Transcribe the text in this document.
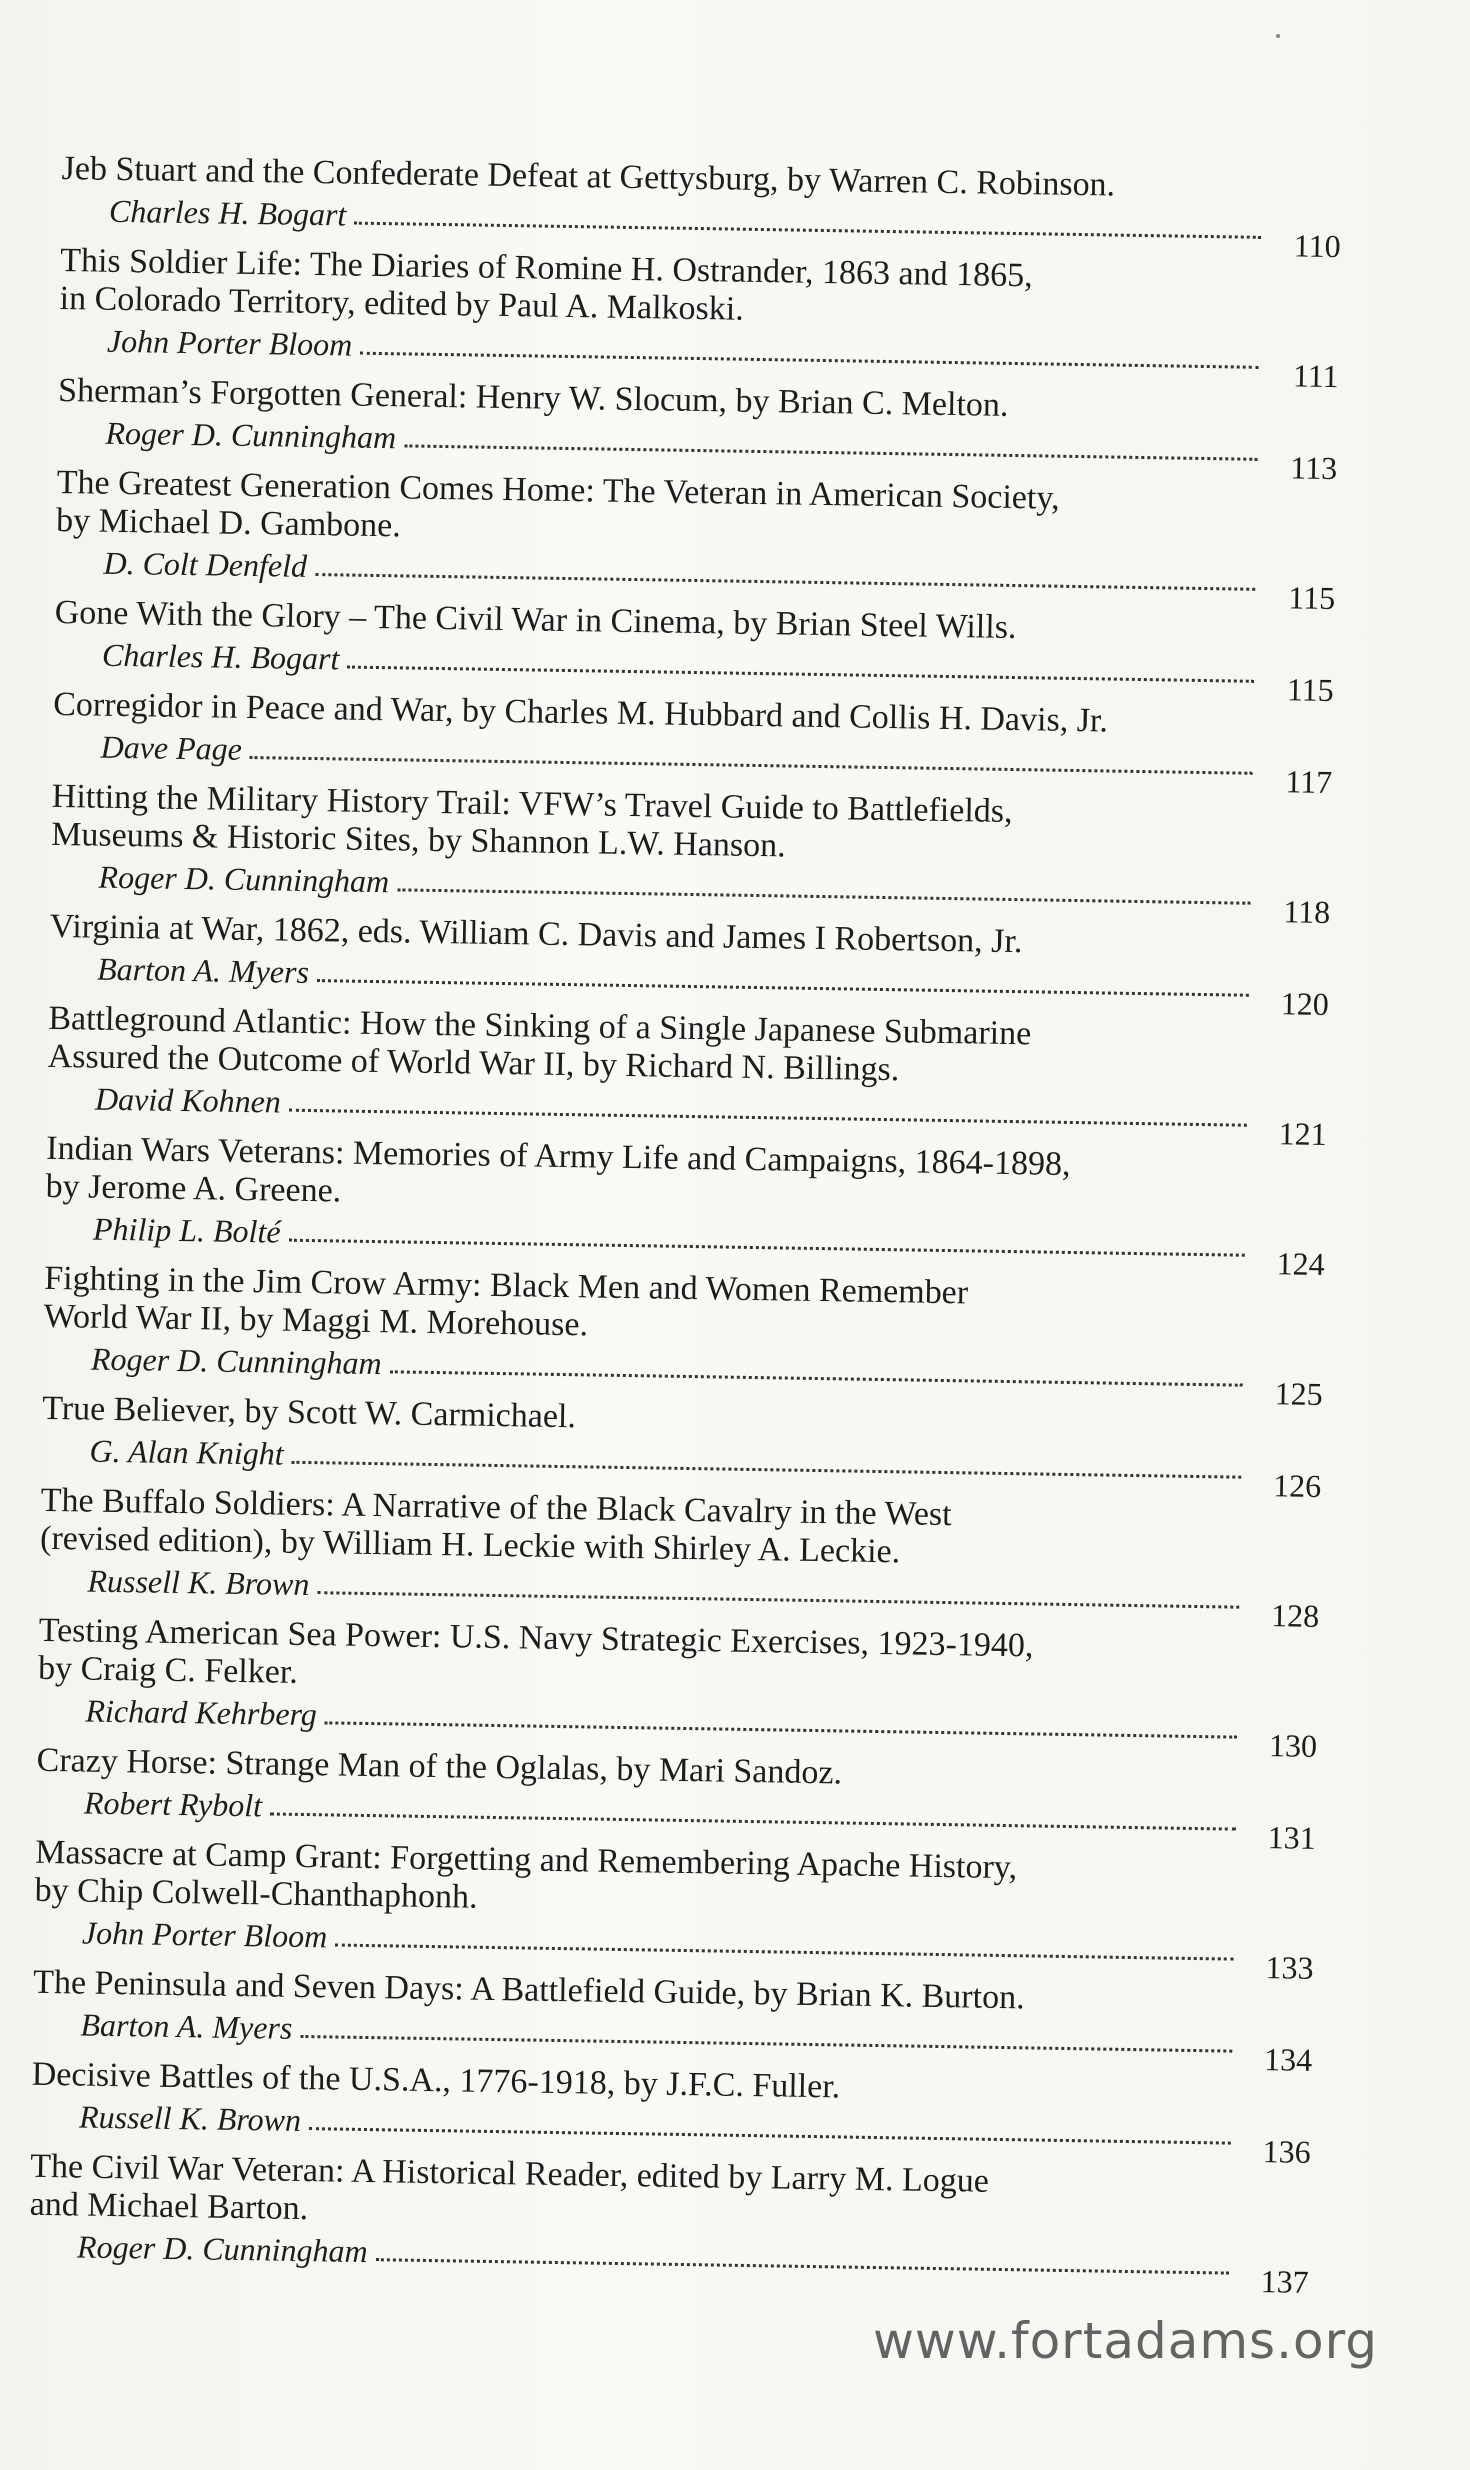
Jeb Stuart and the Confederate Defeat at Gettysburg, by Warren C. Robinson.

Charles H. Bogart
110

This Soldier Life: The Diaries of Romine H. Ostrander, 1863 and 1865,
in Colorado Territory, edited by Paul A. Malkoski.

John Porter Bloom
111

Sherman’s Forgotten General: Henry W. Slocum, by Brian C. Melton.

Roger D. Cunningham
113

The Greatest Generation Comes Home: The Veteran in American Society,
by Michael D. Gambone.

D. Colt Denfeld
115

Gone With the Glory – The Civil War in Cinema, by Brian Steel Wills.

Charles H. Bogart
115

Corregidor in Peace and War, by Charles M. Hubbard and Collis H. Davis, Jr.

Dave Page
117

Hitting the Military History Trail: VFW’s Travel Guide to Battlefields,
Museums & Historic Sites, by Shannon L.W. Hanson.

Roger D. Cunningham
118

Virginia at War, 1862, eds. William C. Davis and James I Robertson, Jr.

Barton A. Myers
120

Battleground Atlantic: How the Sinking of a Single Japanese Submarine
Assured the Outcome of World War II, by Richard N. Billings.

David Kohnen
121

Indian Wars Veterans: Memories of Army Life and Campaigns, 1864-1898,
by Jerome A. Greene.

Philip L. Bolté
124

Fighting in the Jim Crow Army: Black Men and Women Remember
World War II, by Maggi M. Morehouse.

Roger D. Cunningham
125

True Believer, by Scott W. Carmichael.

G. Alan Knight
126

The Buffalo Soldiers: A Narrative of the Black Cavalry in the West
(revised edition), by William H. Leckie with Shirley A. Leckie.

Russell K. Brown
128

Testing American Sea Power: U.S. Navy Strategic Exercises, 1923-1940,
by Craig C. Felker.

Richard Kehrberg
130

Crazy Horse: Strange Man of the Oglalas, by Mari Sandoz.

Robert Rybolt
131

Massacre at Camp Grant: Forgetting and Remembering Apache History,
by Chip Colwell-Chanthaphonh.

John Porter Bloom
133

The Peninsula and Seven Days: A Battlefield Guide, by Brian K. Burton.

Barton A. Myers
134

Decisive Battles of the U.S.A., 1776-1918, by J.F.C. Fuller.

Russell K. Brown
136

The Civil War Veteran: A Historical Reader, edited by Larry M. Logue
and Michael Barton.

Roger D. Cunningham
137
www.fortadams.org
